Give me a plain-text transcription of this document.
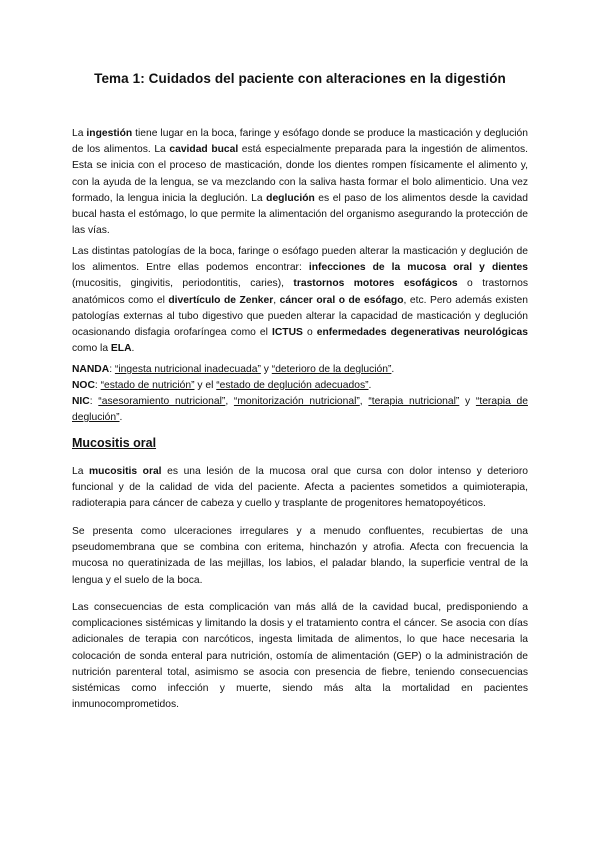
Tema 1: Cuidados del paciente con alteraciones en la digestión

La ingestión tiene lugar en la boca, faringe y esófago donde se produce la masticación y deglución de los alimentos. La cavidad bucal está especialmente preparada para la ingestión de alimentos. Esta se inicia con el proceso de masticación, donde los dientes rompen físicamente el alimento y, con la ayuda de la lengua, se va mezclando con la saliva hasta formar el bolo alimenticio. Una vez formado, la lengua inicia la deglución. La deglución es el paso de los alimentos desde la cavidad bucal hasta el estómago, lo que permite la alimentación del organismo asegurando la protección de las vías.

Las distintas patologías de la boca, faringe o esófago pueden alterar la masticación y deglución de los alimentos. Entre ellas podemos encontrar: infecciones de la mucosa oral y dientes (mucositis, gingivitis, periodontitis, caries), trastornos motores esofágicos o trastornos anatómicos como el divertículo de Zenker, cáncer oral o de esófago, etc. Pero además existen patologías externas al tubo digestivo que pueden alterar la capacidad de masticación y deglución ocasionando disfagia orofaríngea como el ICTUS o enfermedades degenerativas neurológicas como la ELA.

NANDA: “ingesta nutricional inadecuada” y “deterioro de la deglución”.

NOC: “estado de nutrición” y el “estado de deglución adecuados”.

NIC: “asesoramiento nutricional”, “monitorización nutricional”, “terapia nutricional” y “terapia de deglución”.

Mucositis oral

La mucositis oral es una lesión de la mucosa oral que cursa con dolor intenso y deterioro funcional y de la calidad de vida del paciente. Afecta a pacientes sometidos a quimioterapia, radioterapia para cáncer de cabeza y cuello y trasplante de progenitores hematopoyéticos.

Se presenta como ulceraciones irregulares y a menudo confluentes, recubiertas de una pseudomembrana que se combina con eritema, hinchazón y atrofia. Afecta con frecuencia la mucosa no queratinizada de las mejillas, los labios, el paladar blando, la superficie ventral de la lengua y el suelo de la boca.

Las consecuencias de esta complicación van más allá de la cavidad bucal, predisponiendo a complicaciones sistémicas y limitando la dosis y el tratamiento contra el cáncer. Se asocia con días adicionales de terapia con narcóticos, ingesta limitada de alimentos, lo que hace necesaria la colocación de sonda enteral para nutrición, ostomía de alimentación (GEP) o la administración de nutrición parenteral total, asimismo se asocia con presencia de fiebre, teniendo consecuencias sistémicas como infección y muerte, siendo más alta la mortalidad en pacientes inmunocomprometidos.
